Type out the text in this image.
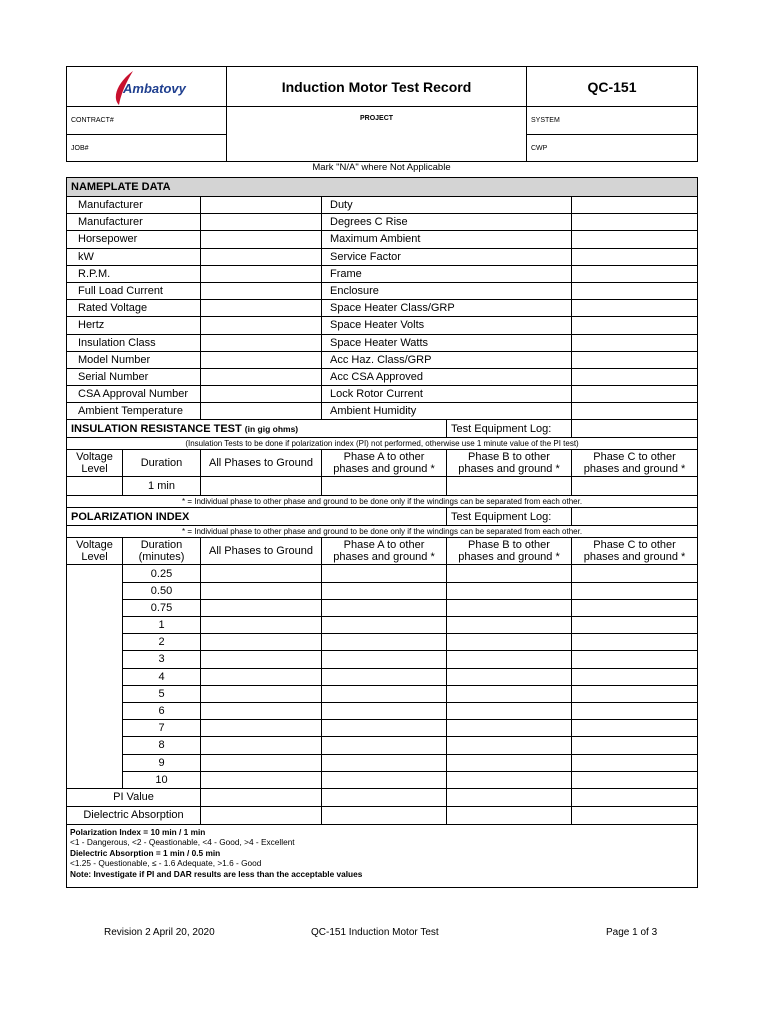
Ambatovy	Induction Motor Test Record	QC-151
CONTRACT#	PROJECT	SYSTEM
JOB#		CWP
Mark "N/A" where Not Applicable
NAMEPLATE DATA					
Manufacturer			Duty		
Manufacturer			Degrees C Rise		
Horsepower			Maximum Ambient		
kW			Service Factor		
R.P.M.			Frame		
Full Load Current			Enclosure		
Rated Voltage			Space Heater Class/GRP		
Hertz			Space Heater Volts		
Insulation Class			Space Heater Watts		
Model Number			Acc Haz. Class/GRP		
Serial Number			Acc CSA Approved		
CSA Approval Number			Lock Rotor Current		
Ambient Temperature			Ambient Humidity		
INSULATION RESISTANCE TEST (in gig ohms)				Test Equipment Log:	
(Insulation Tests to be done if polarization index (PI) not performed, otherwise use 1 minute value of the PI test)					
Voltage Level	Duration	All Phases to Ground	Phase A to other phases and ground *	Phase B to other phases and ground *	Phase C to other phases and ground *
	1 min				
* = Individual phase to other phase and ground to be done only if the windings can be separated from each other.					
POLARIZATION INDEX				Test Equipment Log:	
* = Individual phase to other phase and ground to be done only if the windings can be separated from each other.					
Voltage Level	Duration (minutes)	All Phases to Ground	Phase A to other phases and ground *	Phase B to other phases and ground *	Phase C to other phases and ground *
	0.25				
	0.50				
	0.75				
	1				
	2				
	3				
	4				
	5				
	6				
	7				
	8				
	9				
	10				
PI Value					
Dielectric Absorption					

Polarization Index = 10 min / 1 min
<1 - Dangerous, <2 - Qeastionable, <4 - Good, >4 - Excellent
Dielectric Absorption = 1 min / 0.5 min
<1.25 - Questionable, ≤ - 1.6 Adequate, >1.6 - Good
Note: Investigate if PI and DAR results are less than the acceptable values					
Revision 2 April 20, 2020	QC-151 Induction Motor Test	Page 1 of 3
